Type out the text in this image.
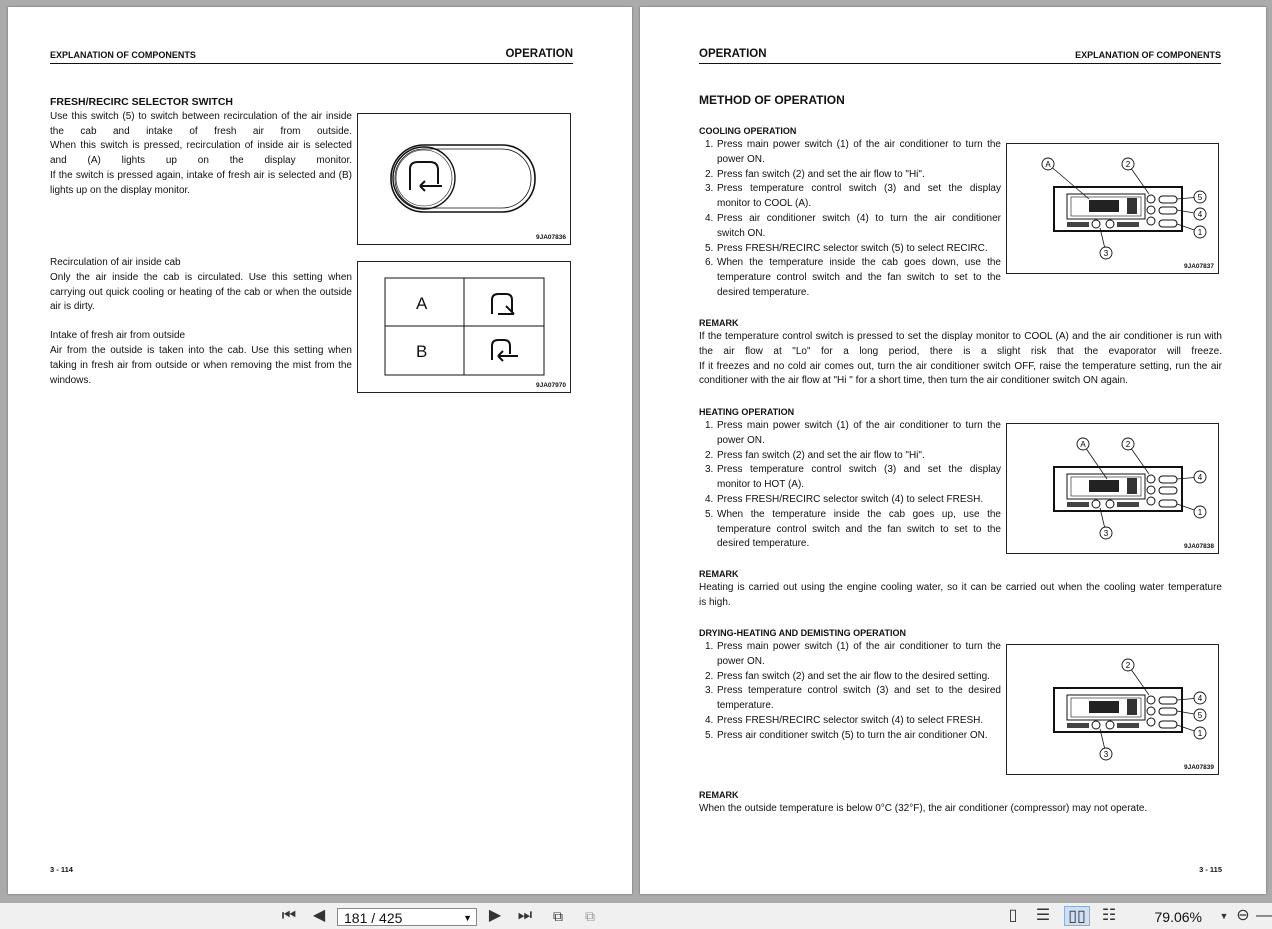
EXPLANATION OF COMPONENTS	OPERATION
FRESH/RECIRC SELECTOR SWITCH
Use this switch (5) to switch between recirculation of the air inside
the cab and intake of fresh air from outside.
When this switch is pressed, recirculation of inside air is selected
and (A) lights up on the display monitor.
If the switch is pressed again, intake of fresh air is selected and (B)
lights up on the display monitor.
9JA07836
Recirculation of air inside cab
Only the air inside the cab is circulated. Use this setting when
carrying out quick cooling or heating of the cab or when the outside
air is dirty.
Intake of fresh air from outside
Air from the outside is taken into the cab. Use this setting when
taking in fresh air from outside or when removing the mist from the
windows.
A
B
9JA07970
3 - 114
OPERATION	EXPLANATION OF COMPONENTS
METHOD OF OPERATION
COOLING OPERATION
1. Press main power switch (1) of the air conditioner to turn the
power ON.
2. Press fan switch (2) and set the air flow to "Hi".
3. Press temperature control switch (3) and set the display
monitor to COOL (A).
4. Press air conditioner switch (4) to turn the air conditioner
switch ON.
5. Press FRESH/RECIRC selector switch (5) to select RECIRC.
6. When the temperature inside the cab goes down, use the
temperature control switch and the fan switch to set to the
desired temperature.
A	2
5
4
1
3
9JA07837
REMARK
If the temperature control switch is pressed to set the display monitor to COOL (A) and the air conditioner is run with
the air flow at "Lo" for a long period, there is a slight risk that the evaporator will freeze.
If it freezes and no cold air comes out, turn the air conditioner switch OFF, raise the temperature setting, run the air
conditioner with the air flow at "Hi " for a short time, then turn the air conditioner switch ON again.
HEATING OPERATION
1. Press main power switch (1) of the air conditioner to turn the
power ON.
2. Press fan switch (2) and set the air flow to "Hi".
3. Press temperature control switch (3) and set the display
monitor to HOT (A).
4. Press FRESH/RECIRC selector switch (4) to select FRESH.
5. When the temperature inside the cab goes up, use the
temperature control switch and the fan switch to set to the
desired temperature.
A	2
4
1
3
9JA07838
REMARK
Heating is carried out using the engine cooling water, so it can be carried out when the cooling water temperature
is high.
DRYING-HEATING AND DEMISTING OPERATION
1. Press main power switch (1) of the air conditioner to turn the
power ON.
2. Press fan switch (2) and set the air flow to the desired setting.
3. Press temperature control switch (3) and set to the desired
temperature.
4. Press FRESH/RECIRC selector switch (4) to select FRESH.
5. Press air conditioner switch (5) to turn the air conditioner ON.
2
4
5
1
3
9JA07839
REMARK
When the outside temperature is below 0°C (32°F), the air conditioner (compressor) may not operate.
3 - 115
⏮	◀	181 / 425	▼	▶	⏭	⧉	⧉	▯	☰ ▯▯ ☷	79.06% ▼ ⊖ —
